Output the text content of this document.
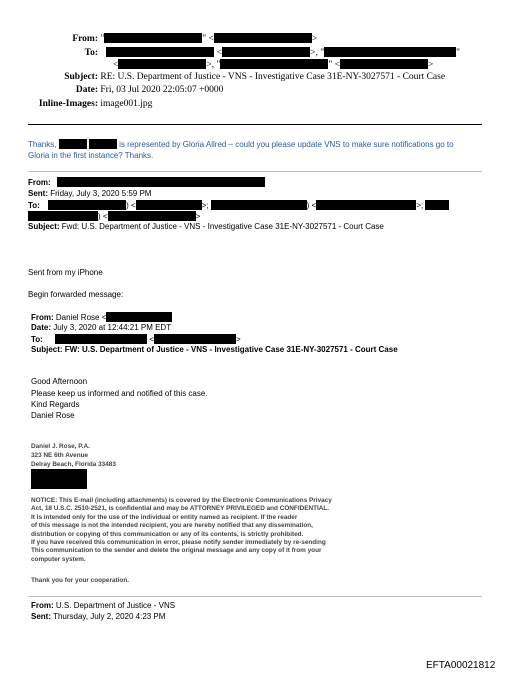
From: "	" <	>
To:	<	>, "	"
<	>, "	" <	>
Subject: RE: U.S. Department of Justice - VNS - Investigative Case 31E-NY-3027571 - Court Case
Date: Fri, 03 Jul 2020 22:05:07 +0000
Inline-Images: image001.jpg
Thanks,	is represented by Gloria Allred – could you please update VNS to make sure notifications go to
Gloria in the first instance? Thanks.
From:
Sent: Friday, July 3, 2020 5:59 PM
To:	) <	>;	) <	>;
) <	>
Subject: Fwd: U.S. Department of Justice - VNS - Investigative Case 31E-NY-3027571 - Court Case
Sent from my iPhone
Begin forwarded message:
From: Daniel Rose <
Date: July 3, 2020 at 12:44:21 PM EDT
To:	<	>
Subject: FW: U.S. Department of Justice - VNS - Investigative Case 31E-NY-3027571 - Court Case
Good Afternoon
Please keep us informed and notified of this case.
Kind Regards
Daniel Rose
Daniel J. Rose, P.A.
323 NE 6th Avenue
Delray Beach, Florida 33483
NOTICE: This E-mail (including attachments) is covered by the Electronic Communications Privacy
Act, 18 U.S.C. 2510-2521, is confidential and may be ATTORNEY PRIVILEGED and CONFIDENTIAL.
It is intended only for the use of the individual or entity named as recipient. If the reader
of this message is not the intended recipient, you are hereby notified that any dissemination,
distribution or copying of this communication or any of its contents, is strictly prohibited.
If you have received this communication in error, please notify sender immediately by re-sending
This communication to the sender and delete the original message and any copy of it from your
computer system.
Thank you for your cooperation.
From: U.S. Department of Justice - VNS
Sent: Thursday, July 2, 2020 4:23 PM
EFTA00021812
